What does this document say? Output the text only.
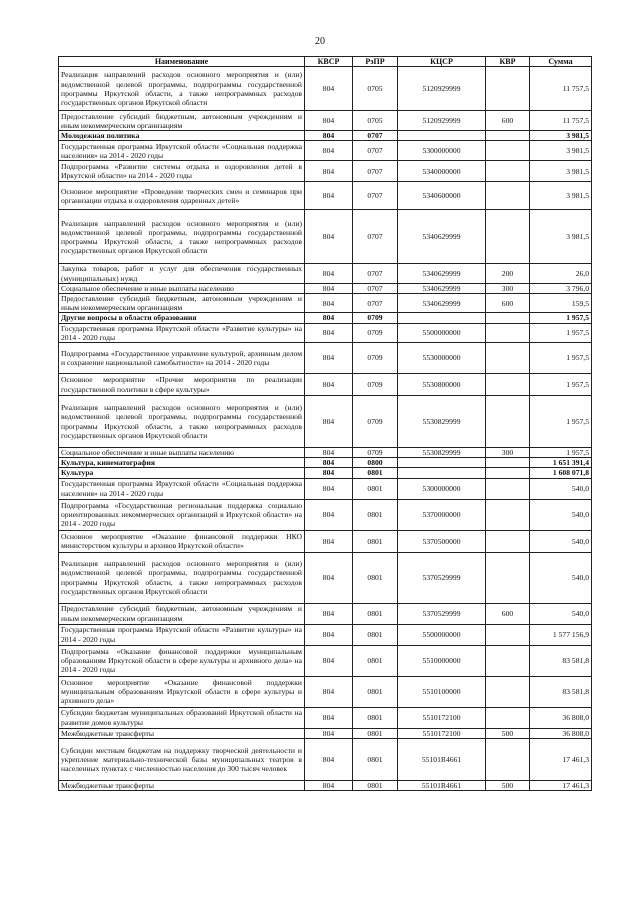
20
Наименование	КВСР	РзПР	КЦСР	КВР	Сумма
Реализация направлений расходов основного мероприятия и (или) ведомственной целевой программы, подпрограммы государственной программы Иркутской области, а также непрограммных расходов государственных органов Иркутской области	804	0705	5120929999		11 757,5
Предоставление субсидий бюджетным, автономным учреждениям и иным некоммерческим организациям	804	0705	5120929999	600	11 757,5
Молодежная политика	804	0707			3 981,5
Государственная программа Иркутской области «Социальная поддержка населения» на 2014 - 2020 годы	804	0707	5300000000		3 981,5
Подпрограмма «Развитие системы отдыха и оздоровления детей в Иркутской области» на 2014 - 2020 годы	804	0707	5340000000		3 981,5
Основное мероприятие «Проведение творческих смен и семинаров при организации отдыха и оздоровления одаренных детей»	804	0707	5340600000		3 981,5
Реализация направлений расходов основного мероприятия и (или) ведомственной целевой программы, подпрограммы государственной программы Иркутской области, а также непрограммных расходов государственных органов Иркутской области	804	0707	5340629999		3 981,5
Закупка товаров, работ и услуг для обеспечения государственных (муниципальных) нужд	804	0707	5340629999	200	26,0
Социальное обеспечение и иные выплаты населению	804	0707	5340629999	300	3 796,0
Предоставление субсидий бюджетным, автономным учреждениям и иным некоммерческим организациям	804	0707	5340629999	600	159,5
Другие вопросы в области образования	804	0709			1 957,5
Государственная программа Иркутской области «Развитие культуры» на 2014 - 2020 годы	804	0709	5500000000		1 957,5
Подпрограмма «Государственное управление культурой, архивным делом и сохранение национальной самобытности» на 2014 - 2020 годы	804	0709	5530000000		1 957,5
Основное мероприятие «Прочие мероприятия по реализации государственной политики в сфере культуры»	804	0709	5530800000		1 957,5
Реализация направлений расходов основного мероприятия и (или) ведомственной целевой программы, подпрограммы государственной программы Иркутской области, а также непрограммных расходов государственных органов Иркутской области	804	0709	5530829999		1 957,5
Социальное обеспечение и иные выплаты населению	804	0709	5530829999	300	1 957,5
Культура, кинематография	804	0800			1 651 391,4
Культура	804	0801			1 608 071,8
Государственная программа Иркутской области «Социальная поддержка населения» на 2014 - 2020 годы	804	0801	5300000000		540,0
Подпрограмма «Государственная региональная поддержка социально ориентированных некоммерческих организаций в Иркутской области» на 2014 - 2020 годы	804	0801	5370000000		540,0
Основное мероприятие «Оказание финансовой поддержки НКО министерством культуры и архивов Иркутской области»	804	0801	5370500000		540,0
Реализация направлений расходов основного мероприятия и (или) ведомственной целевой программы, подпрограммы государственной программы Иркутской области, а также непрограммных расходов государственных органов Иркутской области	804	0801	5370529999		540,0
Предоставление субсидий бюджетным, автономным учреждениям и иным некоммерческим организациям	804	0801	5370529999	600	540,0
Государственная программа Иркутской области «Развитие культуры» на 2014 - 2020 годы	804	0801	5500000000		1 577 156,9
Подпрограмма «Оказание финансовой поддержки муниципальным образованиям Иркутской области в сфере культуры и архивного дела» на 2014 - 2020 годы	804	0801	5510000000		83 581,8
Основное мероприятие «Оказание финансовой поддержки муниципальным образованиям Иркутской области в сфере культуры и архивного дела»	804	0801	5510100000		83 581,8
Субсидии бюджетам муниципальных образований Иркутской области на развитие домов культуры	804	0801	5510172100		36 808,0
Межбюджетные трансферты	804	0801	5510172100	500	36 808,0
Субсидии местным бюджетам на поддержку творческой деятельности и укрепление материально-технической базы муниципальных театров в населенных пунктах с численностью населения до 300 тысяч человек	804	0801	55101R4661		17 461,3
Межбюджетные трансферты	804	0801	55101R4661	500	17 461,3
